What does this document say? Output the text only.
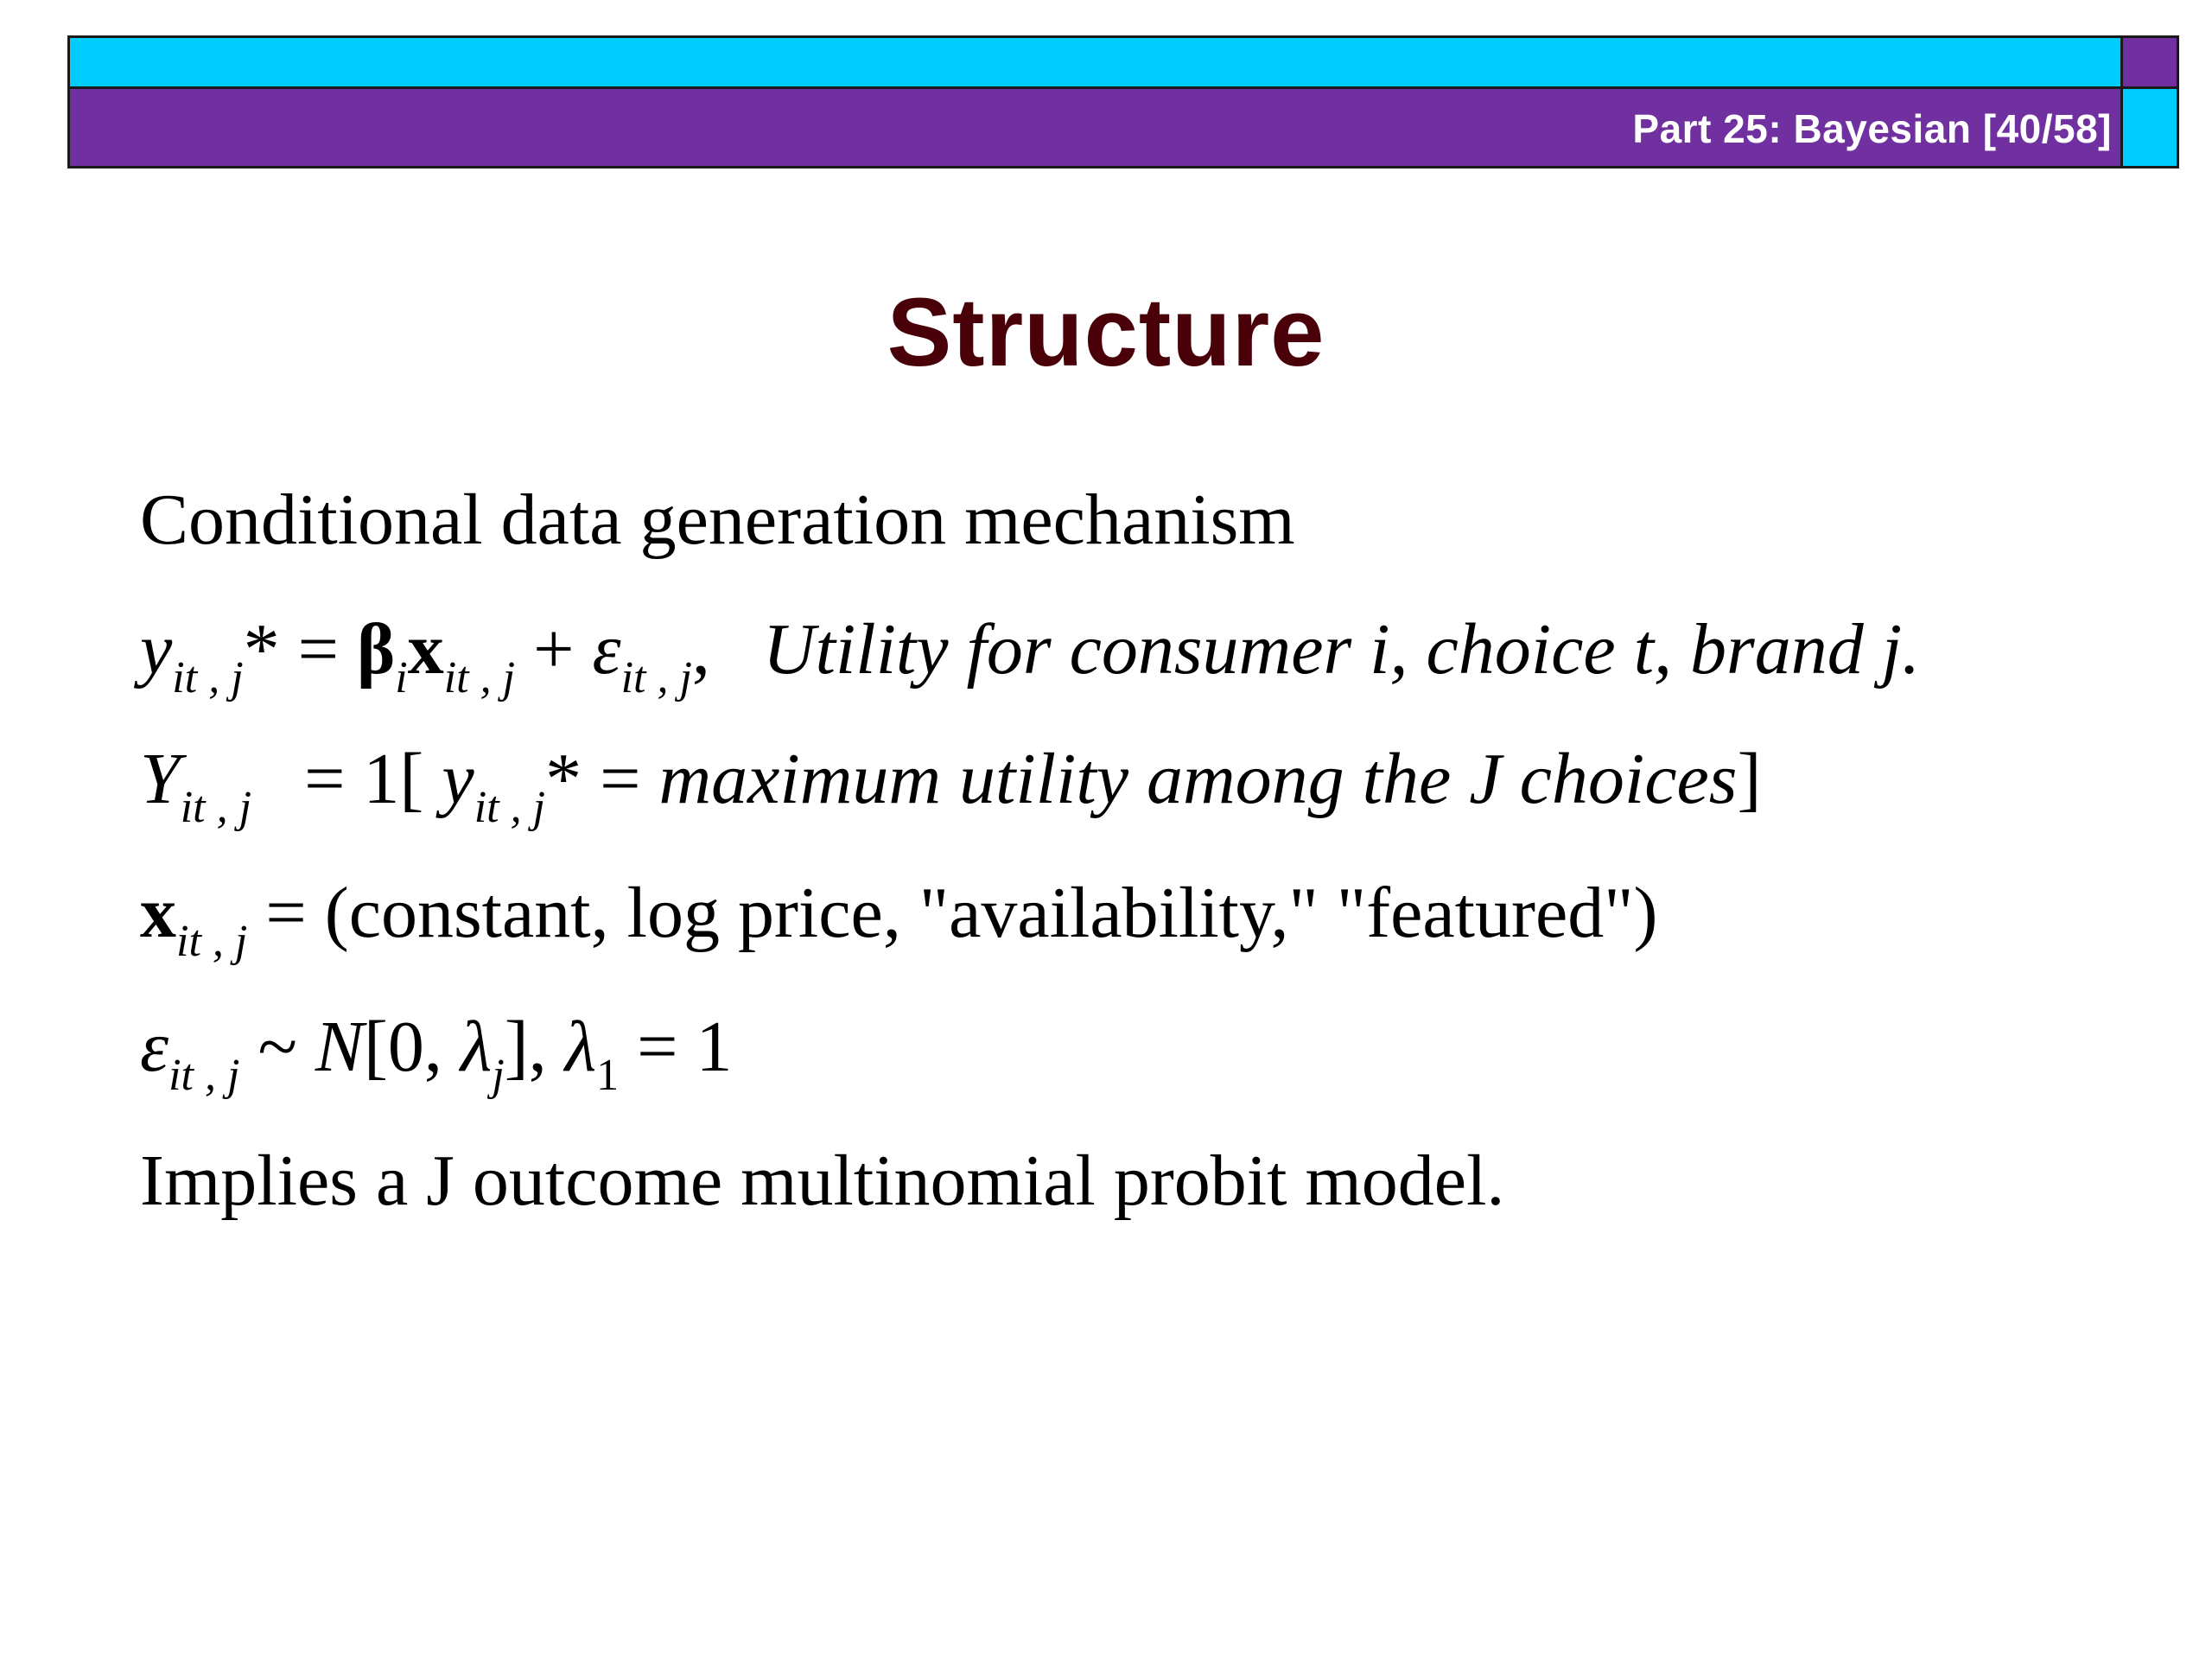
Part 25: Bayesian [40/58]
Structure
Conditional data generation mechanism
$y_{it , j}* = \beta_ix_{it , j} + \varepsilon_{it , j}$, Utility for consumer i, choice t, brand j.
$Y_{it , j} = 1$[ $y_{it , j}*$ = maximum utility among the J choices]
$x_{it , j}$ = (constant, log price, "availability," "featured")
$\varepsilon_{it , j}$ ~ N[0, $\lambda_j$], $\lambda_1 = 1$
Implies a J outcome multinomial probit model.
